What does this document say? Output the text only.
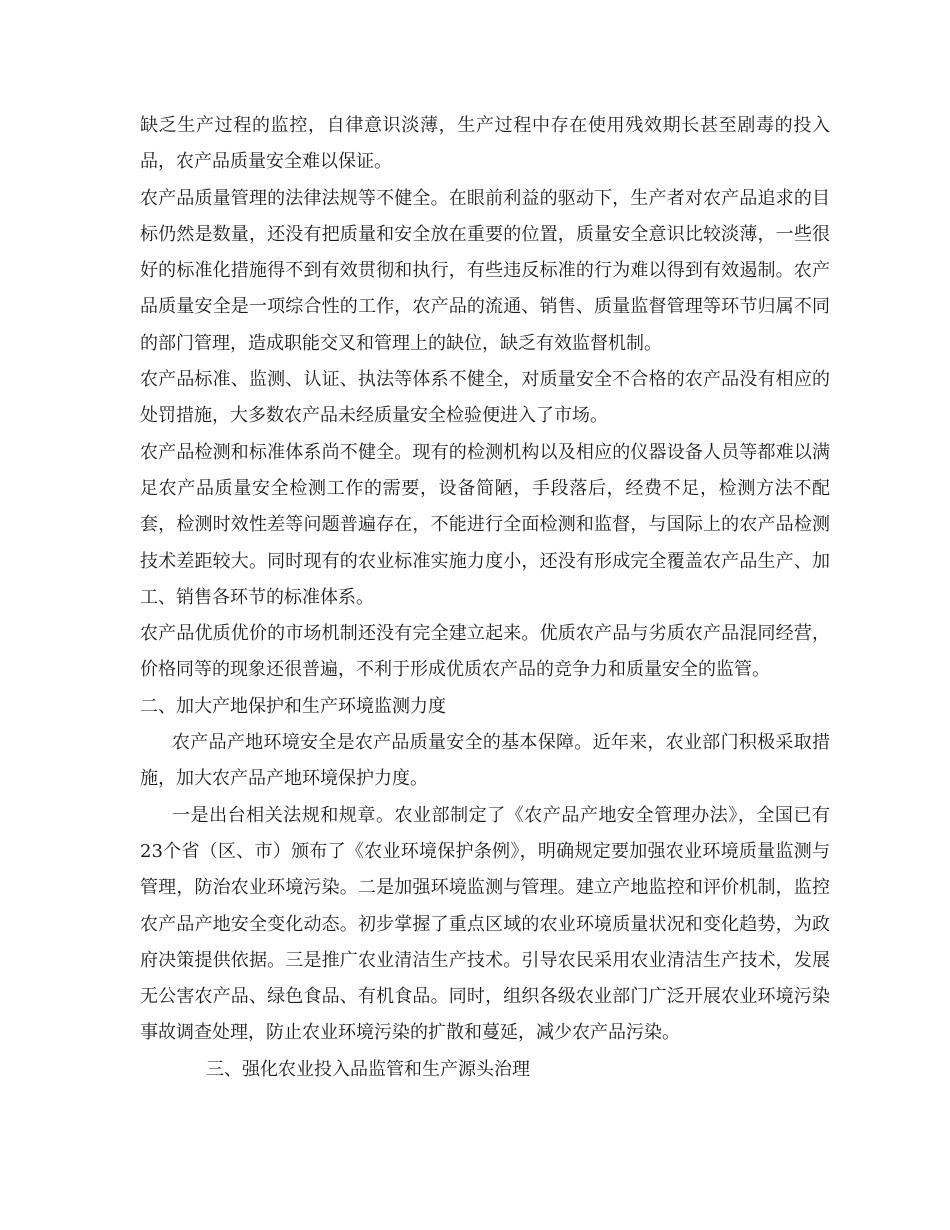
缺乏生产过程的监控，自律意识淡薄，生产过程中存在使用残效期长甚至剧毒的投入品，农产品质量安全难以保证。

农产品质量管理的法律法规等不健全。在眼前利益的驱动下，生产者对农产品追求的目标仍然是数量，还没有把质量和安全放在重要的位置，质量安全意识比较淡薄，一些很好的标准化措施得不到有效贯彻和执行，有些违反标准的行为难以得到有效遏制。农产品质量安全是一项综合性的工作，农产品的流通、销售、质量监督管理等环节归属不同的部门管理，造成职能交叉和管理上的缺位，缺乏有效监督机制。

农产品标准、监测、认证、执法等体系不健全，对质量安全不合格的农产品没有相应的处罚措施，大多数农产品未经质量安全检验便进入了市场。

农产品检测和标准体系尚不健全。现有的检测机构以及相应的仪器设备人员等都难以满足农产品质量安全检测工作的需要，设备简陋，手段落后，经费不足，检测方法不配套，检测时效性差等问题普遍存在，不能进行全面检测和监督，与国际上的农产品检测技术差距较大。同时现有的农业标准实施力度小，还没有形成完全覆盖农产品生产、加工、销售各环节的标准体系。

农产品优质优价的市场机制还没有完全建立起来。优质农产品与劣质农产品混同经营，价格同等的现象还很普遍，不利于形成优质农产品的竞争力和质量安全的监管。

二、加大产地保护和生产环境监测力度

农产品产地环境安全是农产品质量安全的基本保障。近年来，农业部门积极采取措施，加大农产品产地环境保护力度。

一是出台相关法规和规章。农业部制定了《农产品产地安全管理办法》，全国已有23个省（区、市）颁布了《农业环境保护条例》，明确规定要加强农业环境质量监测与管理，防治农业环境污染。二是加强环境监测与管理。建立产地监控和评价机制，监控农产品产地安全变化动态。初步掌握了重点区域的农业环境质量状况和变化趋势，为政府决策提供依据。三是推广农业清洁生产技术。引导农民采用农业清洁生产技术，发展无公害农产品、绿色食品、有机食品。同时，组织各级农业部门广泛开展农业环境污染事故调查处理，防止农业环境污染的扩散和蔓延，减少农产品污染。

三、强化农业投入品监管和生产源头治理
